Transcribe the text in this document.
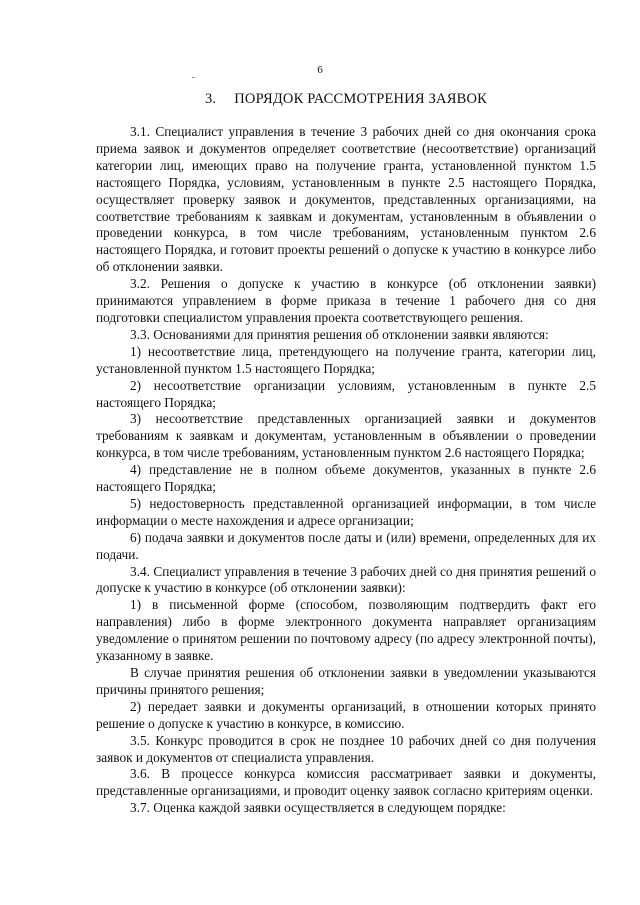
6
3. ПОРЯДОК РАССМОТРЕНИЯ ЗАЯВОК

3.1. Специалист управления в течение 3 рабочих дней со дня окончания срока приема заявок и документов определяет соответствие (несоответствие) организаций категории лиц, имеющих право на получение гранта, установленной пунктом 1.5 настоящего Порядка, условиям, установленным в пункте 2.5 настоящего Порядка, осуществляет проверку заявок и документов, представленных организациями, на соответствие требованиям к заявкам и документам, установленным в объявлении о проведении конкурса, в том числе требованиям, установленным пунктом 2.6 настоящего Порядка, и готовит проекты решений о допуске к участию в конкурсе либо об отклонении заявки.

3.2. Решения о допуске к участию в конкурсе (об отклонении заявки) принимаются управлением в форме приказа в течение 1 рабочего дня со дня подготовки специалистом управления проекта соответствующего решения.

3.3. Основаниями для принятия решения об отклонении заявки являются:

1) несоответствие лица, претендующего на получение гранта, категории лиц, установленной пунктом 1.5 настоящего Порядка;

2) несоответствие организации условиям, установленным в пункте 2.5 настоящего Порядка;

3) несоответствие представленных организацией заявки и документов требованиям к заявкам и документам, установленным в объявлении о проведении конкурса, в том числе требованиям, установленным пунктом 2.6 настоящего Порядка;

4) представление не в полном объеме документов, указанных в пункте 2.6 настоящего Порядка;

5) недостоверность представленной организацией информации, в том числе информации о месте нахождения и адресе организации;

6) подача заявки и документов после даты и (или) времени, определенных для их подачи.

3.4. Специалист управления в течение 3 рабочих дней со дня принятия решений о допуске к участию в конкурсе (об отклонении заявки):

1) в письменной форме (способом, позволяющим подтвердить факт его направления) либо в форме электронного документа направляет организациям уведомление о принятом решении по почтовому адресу (по адресу электронной почты), указанному в заявке.

В случае принятия решения об отклонении заявки в уведомлении указываются причины принятого решения;

2) передает заявки и документы организаций, в отношении которых принято решение о допуске к участию в конкурсе, в комиссию.

3.5. Конкурс проводится в срок не позднее 10 рабочих дней со дня получения заявок и документов от специалиста управления.

3.6. В процессе конкурса комиссия рассматривает заявки и документы, представленные организациями, и проводит оценку заявок согласно критериям оценки.

3.7. Оценка каждой заявки осуществляется в следующем порядке:
